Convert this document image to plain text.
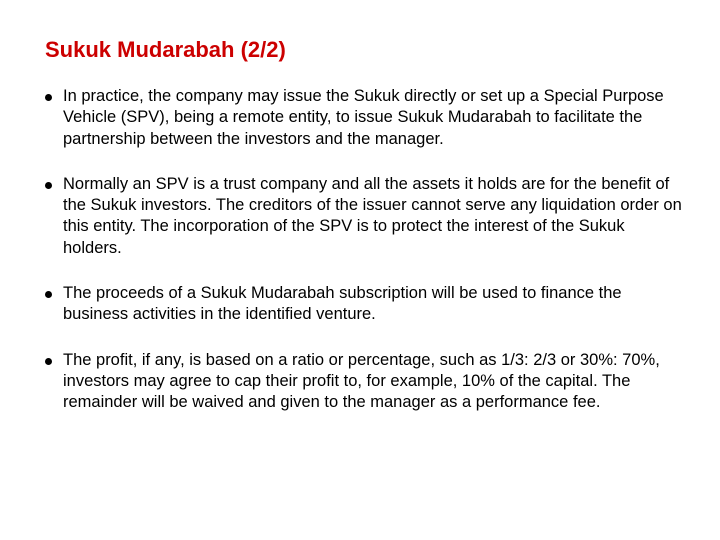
Sukuk Mudarabah (2/2)
In practice, the company may issue the Sukuk directly or set up a Special Purpose Vehicle (SPV), being a remote entity, to issue Sukuk Mudarabah to facilitate the partnership between the investors and the manager.
Normally an SPV is a trust company and all the assets it holds are for the benefit of the Sukuk investors. The creditors of the issuer cannot serve any liquidation order on this entity. The incorporation of the SPV is to protect the interest of the Sukuk holders.
The proceeds of a Sukuk Mudarabah subscription will be used to finance the business activities in the identified venture.
The profit, if any, is based on a ratio or percentage, such as 1/3: 2/3 or 30%: 70%, investors may agree to cap their profit to, for example, 10% of the capital. The remainder will be waived and given to the manager as a performance fee.
